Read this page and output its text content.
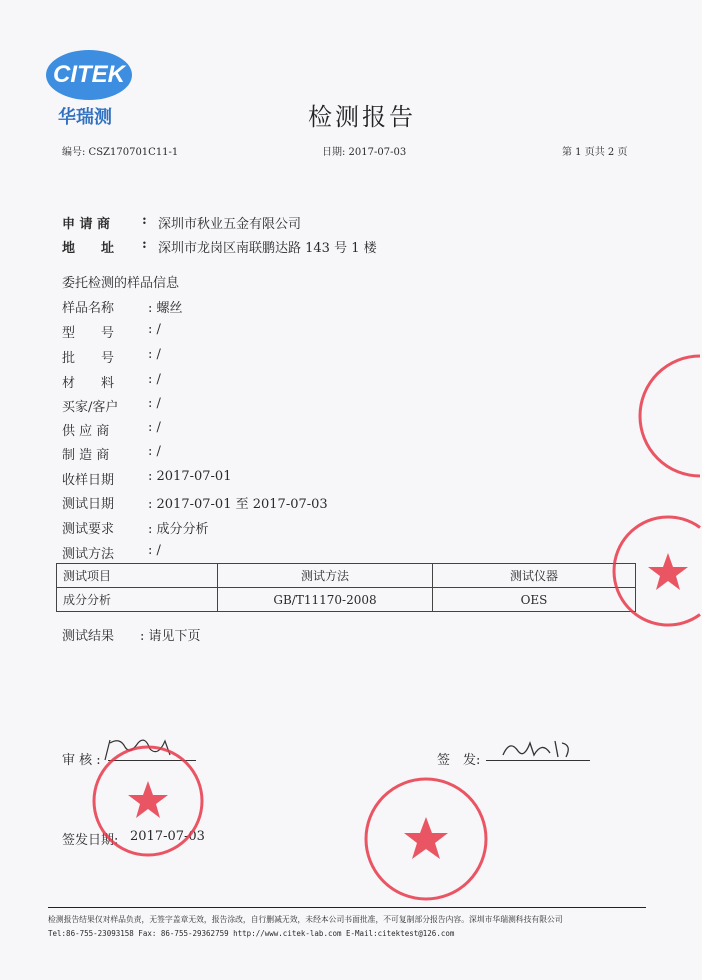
CITEK
华瑞测	检测报告
编号: CSZ170701C11-1	日期: 2017-07-03	第 1 页共 2 页
申 请 商 : 深圳市秋业五金有限公司
地　　址 : 深圳市龙岗区南联鹏达路 143 号 1 楼
委托检测的样品信息
样品名称	: 螺丝
型　　号	: /
批　　号	: /
材　　料	: /
买家/客户 : /
供 应 商	: /
制 造 商	: /
收样日期	: 2017-07-01
测试日期	: 2017-07-01 至 2017-07-03
测试要求	: 成分分析
测试方法	: /
测试项目	测试方法	测试仪器
成分分析	GB/T11170-2008	OES
测试结果 : 请见下页
审 核 :	签　发:
签发日期: 2017-07-03
检测报告结果仅对样品负责，无签字盖章无效，报告涂改，自行删减无效，未经本公司书面批准，不可复制部分报告内容。深圳市华瑞测科技有限公司
Tel:86-755-23093158 Fax: 86-755-29362759 http://www.citek-lab.com E-Mail:citektest@126.com
